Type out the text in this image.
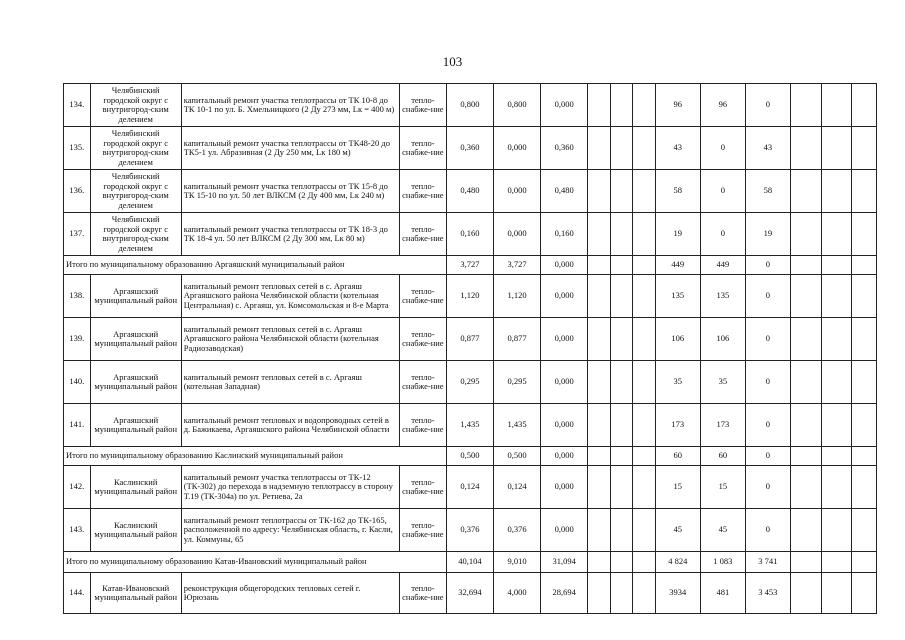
103
134.	Челябинский городской округ с внутригород-ским делением	капитальный ремонт участка теплотрассы от ТК 10-8 до ТК 10-1 по ул. Б. Хмельницкого (2 Ду 273 мм, Lк = 400 м)	тепло-снабже-ние	0,800	0,800	0,000				96	96	0			
135.	Челябинский городской округ с внутригород-ским делением	капитальный ремонт участка теплотрассы от ТК48-20 до ТК5-1 ул. Абразивная (2 Ду 250 мм, Lк 180 м)	тепло-снабже-ние	0,360	0,000	0,360				43	0	43			
136.	Челябинский городской округ с внутригород-ским делением	капитальный ремонт участка теплотрассы от ТК 15-8 до ТК 15-10 по ул. 50 лет ВЛКСМ (2 Ду 400 мм, Lк 240 м)	тепло-снабже-ние	0,480	0,000	0,480				58	0	58			
137.	Челябинский городской округ с внутригород-ским делением	капитальный ремонт участка теплотрассы от ТК 18-3 до ТК 18-4 ул. 50 лет ВЛКСМ (2 Ду 300 мм, Lк 80 м)	тепло-снабже-ние	0,160	0,000	0,160				19	0	19			
Итого по муниципальному образованию Аргаяшский муниципальный район				3,727	3,727	0,000				449	449	0			
138.	Аргаяшский муниципальный район	капитальный ремонт тепловых сетей в с. Аргаяш Аргаяшского района Челябинской области (котельная Центральная) с. Аргаяш, ул. Комсомольская и 8-е Марта	тепло-снабже-ние	1,120	1,120	0,000				135	135	0			
139.	Аргаяшский муниципальный район	капитальный ремонт тепловых сетей в с. Аргаяш Аргаяшского района Челябинской области (котельная Радиозаводская)	тепло-снабже-ние	0,877	0,877	0,000				106	106	0			
140.	Аргаяшский муниципальный район	капитальный ремонт тепловых сетей в с. Аргаяш (котельная Западная)	тепло-снабже-ние	0,295	0,295	0,000				35	35	0			
141.	Аргаяшский муниципальный район	капитальный ремонт тепловых и водопроводных сетей в д. Бажикаева, Аргаяшского района Челябинской области	тепло-снабже-ние	1,435	1,435	0,000				173	173	0			
Итого по муниципальному образованию Каслинский муниципальный район				0,500	0,500	0,000				60	60	0			
142.	Каслинский муниципальный район	капитальный ремонт участка теплотрассы от ТК-12 (ТК-302) до перехода в надземную теплотрассу в сторону Т.19 (ТК-304а) по ул. Ретнева, 2а	тепло-снабже-ние	0,124	0,124	0,000				15	15	0			
143.	Каслинский муниципальный район	капитальный ремонт теплотрассы от ТК-162 до ТК-165, расположенной по адресу: Челябинская область, г. Касли, ул. Коммуны, 65	тепло-снабже-ние	0,376	0,376	0,000				45	45	0			
Итого по муниципальному образованию Катав-Ивановский муниципальный район				40,104	9,010	31,094				4 824	1 083	3 741			
144.	Катав-Ивановский муниципальный район	реконструкция общегородских тепловых сетей г. Юрюзань	тепло-снабже-ние	32,694	4,000	28,694				3934	481	3 453			
